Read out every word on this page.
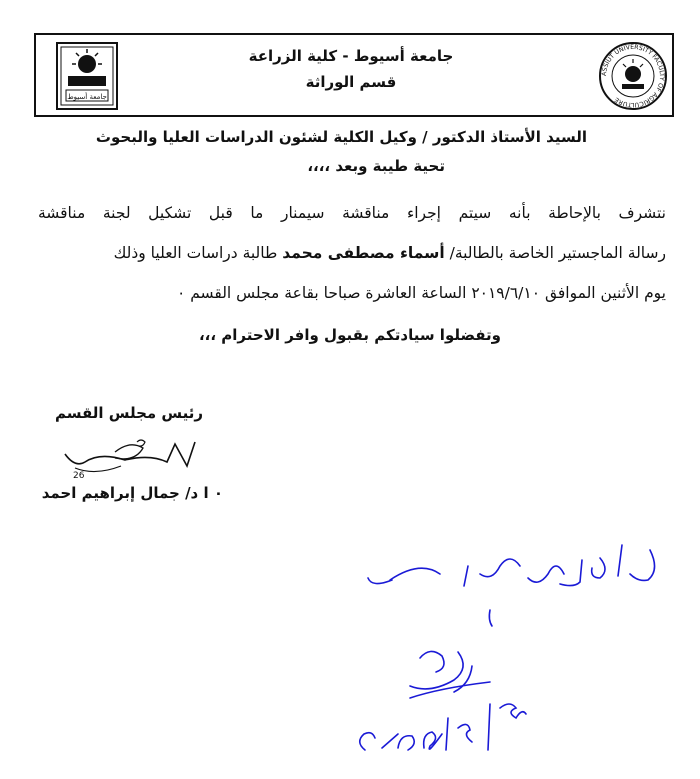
جامعة أسيوط
جامعة أسيوط - كلية الزراعة
قسم الوراثة	ASSIUT UNIVERSITY FACULTY OF AGRICULTURE
السيد الأستاذ الدكتور / وكيل الكلية لشئون الدراسات العليا والبحوث
تحية طيبة وبعد ،،،،
نتشرف بالإحاطة بأنه سيتم إجراء مناقشة سيمنار ما قبل تشكيل لجنة مناقشة
رسالة الماجستير الخاصة بالطالبة/ أسماء مصطفى محمد طالبة دراسات العليا وذلك
يوم الأثنين الموافق ٢٠١٩/٦/١٠ الساعة العاشرة صباحا بقاعة مجلس القسم ٠
وتفضلوا سيادتكم بقبول وافر الاحترام ،،،
رئيس مجلس القسم
٠ ا د/ جمال إبراهيم احمد
26
الدراسات العليا
٢٠١٩/٥/٢٦
